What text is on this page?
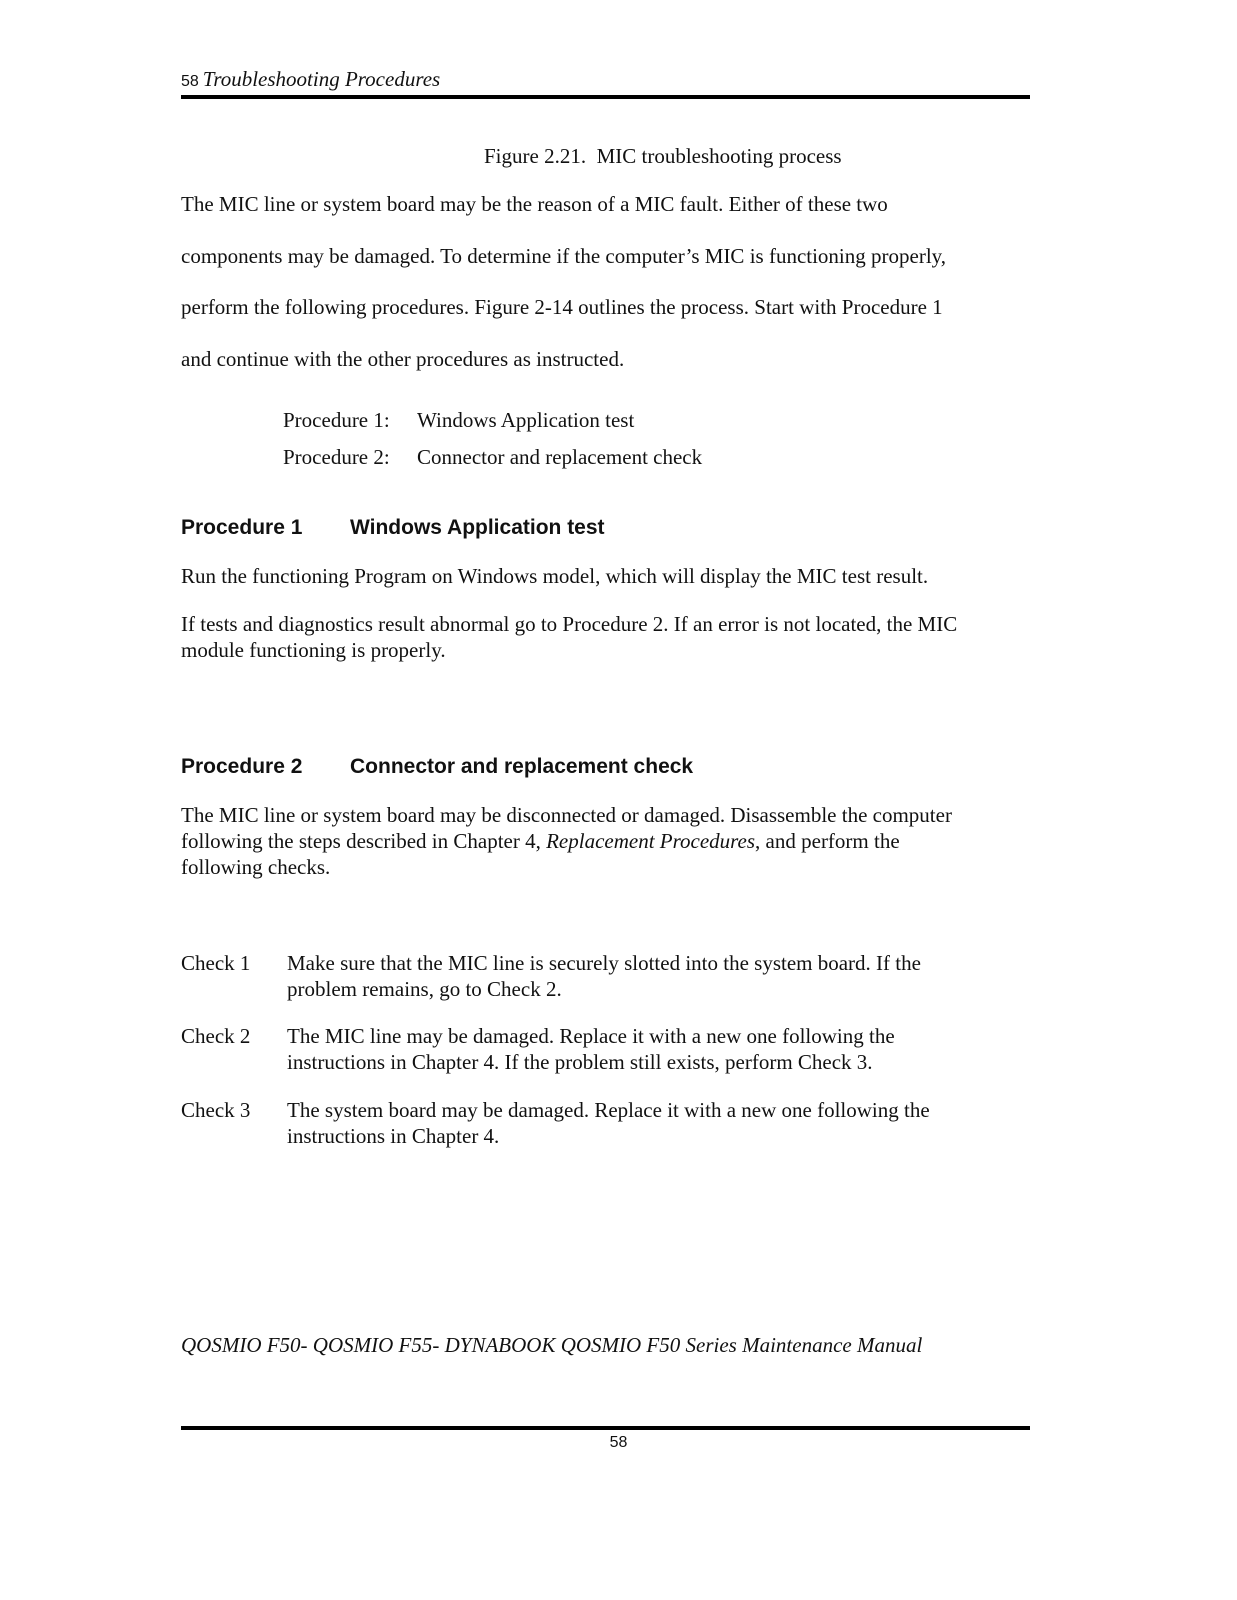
58 Troubleshooting Procedures
Figure 2.21.  MIC troubleshooting process
The MIC line or system board may be the reason of a MIC fault. Either of these two
components may be damaged. To determine if the computer’s MIC is functioning properly,
perform the following procedures. Figure 2-14 outlines the process. Start with Procedure 1
and continue with the other procedures as instructed.
Procedure 1: Windows Application test
Procedure 2: Connector and replacement check
Procedure 1 Windows Application test
Run the functioning Program on Windows model, which will display the MIC test result.
If tests and diagnostics result abnormal go to Procedure 2. If an error is not located, the MIC
module functioning is properly.
Procedure 2 Connector and replacement check
The MIC line or system board may be disconnected or damaged. Disassemble the computer
following the steps described in Chapter 4, Replacement Procedures, and perform the
following checks.
Check 1 Make sure that the MIC line is securely slotted into the system board. If the
problem remains, go to Check 2.
Check 2 The MIC line may be damaged. Replace it with a new one following the
instructions in Chapter 4. If the problem still exists, perform Check 3.
Check 3 The system board may be damaged. Replace it with a new one following the
instructions in Chapter 4.
QOSMIO F50- QOSMIO F55- DYNABOOK QOSMIO F50 Series Maintenance Manual
58
